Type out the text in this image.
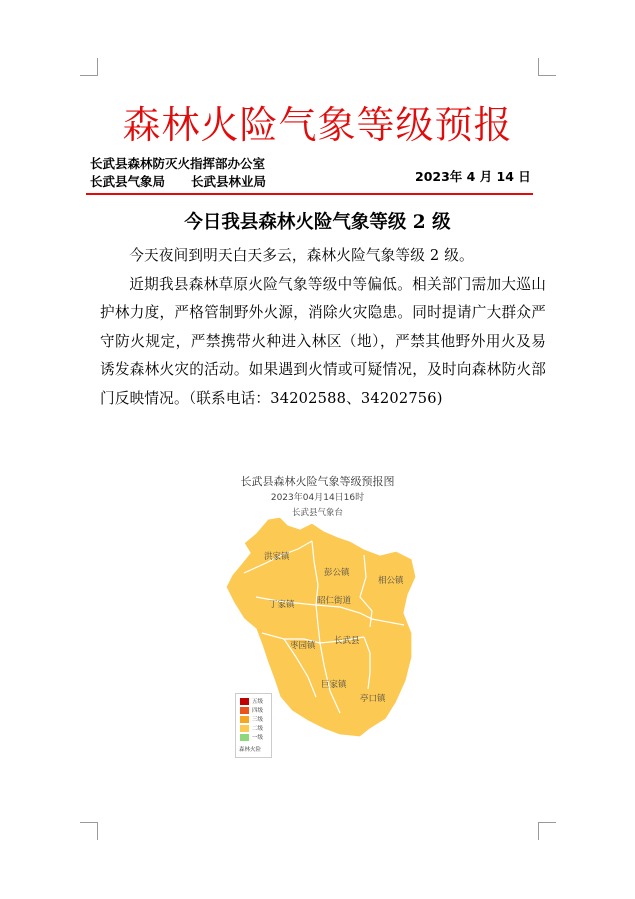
森林火险气象等级预报
长武县森林防灭火指挥部办公室
长武县气象局 长武县林业局	2023年 4 月 14 日
今日我县森林火险气象等级 2 级

今天夜间到明天白天多云，森林火险气象等级 2 级。

近期我县森林草原火险气象等级中等偏低。相关部门需加大巡山护林力度，严格管制野外火源，消除火灾隐患。同时提请广大群众严守防火规定，严禁携带火种进入林区（地），严禁其他野外用火及易诱发森林火灾的活动。如果遇到火情或可疑情况，及时向森林防火部门反映情况。（联系电话：34202588、34202756)

长武县森林火险气象等级预报图
2023年04月14日16时
长武县气象台
洪家镇
彭公镇
相公镇
丁家镇	昭仁街道
枣园镇 长武县
巨家镇
亭口镇
五级
四级
三级
二级
一级
森林火险
